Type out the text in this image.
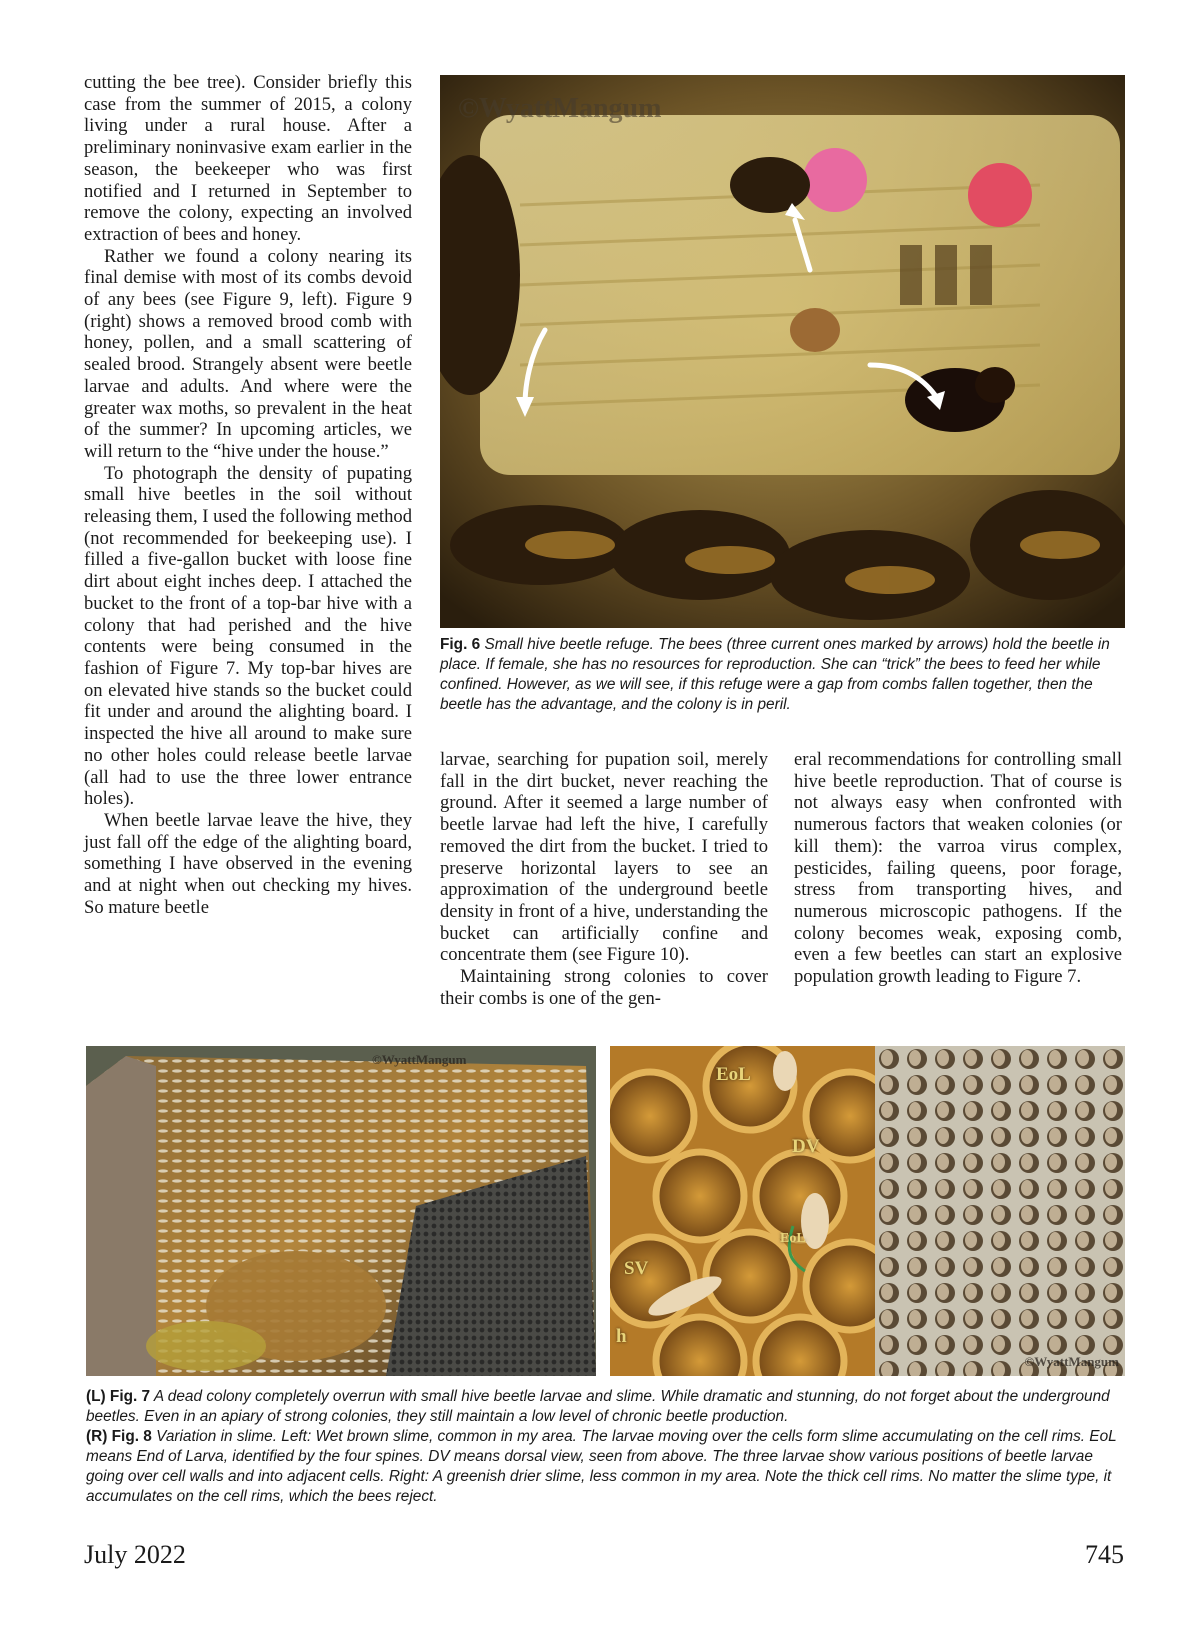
cutting the bee tree). Consider briefly this case from the summer of 2015, a colony living under a rural house. After a preliminary noninvasive exam earlier in the season, the beekeeper who was first notified and I returned in September to remove the colony, expecting an involved extraction of bees and honey.

Rather we found a colony nearing its final demise with most of its combs devoid of any bees (see Figure 9, left). Figure 9 (right) shows a removed brood comb with honey, pollen, and a small scattering of sealed brood. Strangely absent were beetle larvae and adults. And where were the greater wax moths, so prevalent in the heat of the summer? In upcoming articles, we will return to the “hive under the house.”

To photograph the density of pupating small hive beetles in the soil without releasing them, I used the following method (not recommended for beekeeping use). I filled a five-gallon bucket with loose fine dirt about eight inches deep. I attached the bucket to the front of a top-bar hive with a colony that had perished and the hive contents were being consumed in the fashion of Figure 7. My top-bar hives are on elevated hive stands so the bucket could fit under and around the alighting board. I inspected the hive all around to make sure no other holes could release beetle larvae (all had to use the three lower entrance holes).

When beetle larvae leave the hive, they just fall off the edge of the alighting board, something I have observed in the evening and at night when out checking my hives. So mature beetle

©WyattMangum

Fig. 6 Small hive beetle refuge. The bees (three current ones marked by arrows) hold the beetle in place. If female, she has no resources for reproduction. She can “trick” the bees to feed her while confined. However, as we will see, if this refuge were a gap from combs fallen together, then the beetle has the advantage, and the colony is in peril.

larvae, searching for pupation soil, merely fall in the dirt bucket, never reaching the ground. After it seemed a large number of beetle larvae had left the hive, I carefully removed the dirt from the bucket. I tried to preserve horizontal layers to see an approximation of the underground beetle density in front of a hive, understanding the bucket can artificially confine and concentrate them (see Figure 10).

Maintaining strong colonies to cover their combs is one of the gen-

eral recommendations for controlling small hive beetle reproduction. That of course is not always easy when confronted with numerous factors that weaken colonies (or kill them): the varroa virus complex, pesticides, failing queens, poor forage, stress from transporting hives, and numerous microscopic pathogens. If the colony becomes weak, exposing comb, even a few beetles can start an explosive population growth leading to Figure 7.

©WyattMangum
EoL
DV
EoL
SV
h
©WyattMangum

(L) Fig. 7 A dead colony completely overrun with small hive beetle larvae and slime. While dramatic and stunning, do not forget about the underground beetles. Even in an apiary of strong colonies, they still maintain a low level of chronic beetle production.
(R) Fig. 8 Variation in slime. Left: Wet brown slime, common in my area. The larvae moving over the cells form slime accumulating on the cell rims. EoL means End of Larva, identified by the four spines. DV means dorsal view, seen from above. The three larvae show various positions of beetle larvae going over cell walls and into adjacent cells. Right: A greenish drier slime, less common in my area. Note the thick cell rims. No matter the slime type, it accumulates on the cell rims, which the bees reject.

July 2022	745
